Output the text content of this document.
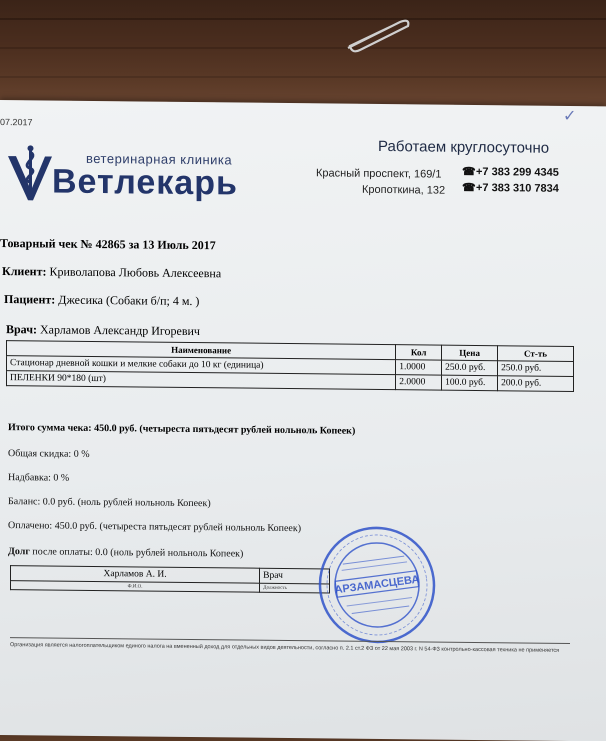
07.2017	✓
ветеринарная клиника
Ветлекарь
Работаем круглосуточно
Красный проспект, 169/1
Кропоткина, 132
☎+7 383 299 4345
☎+7 383 310 7834
Товарный чек № 42865 за 13 Июль 2017
Клиент: Криволапова Любовь Алексеевна
Пациент: Джесика (Собаки б/п; 4 м. )
Врач: Харламов Александр Игоревич
Наименование	Кол	Цена	Ст-ть
Стационар дневной кошки и мелкие собаки до 10 кг (единица)	1.0000	250.0 руб.	250.0 руб.
ПЕЛЕНКИ 90*180 (шт)	2.0000	100.0 руб.	200.0 руб.
Итого сумма чека: 450.0 руб. (четыреста пятьдесят рублей нольноль Копеек)
Общая скидка: 0 %
Надбавка: 0 %
Баланс: 0.0 руб. (ноль рублей нольноль Копеек)
Оплачено: 450.0 руб. (четыреста пятьдесят рублей нольноль Копеек)
Долг после оплаты: 0.0 (ноль рублей нольноль Копеек)
Харламов А. И.	Врач
Ф.И.О.	Должность	АРЗАМАСЦЕВА
Организация является налогоплательщиком единого налога на вмененный доход для отдельных видов деятельности, согласно п. 2.1 ст.2 ФЗ от 22 мая 2003 г. N 54-ФЗ контрольно-кассовая техника не применяется
